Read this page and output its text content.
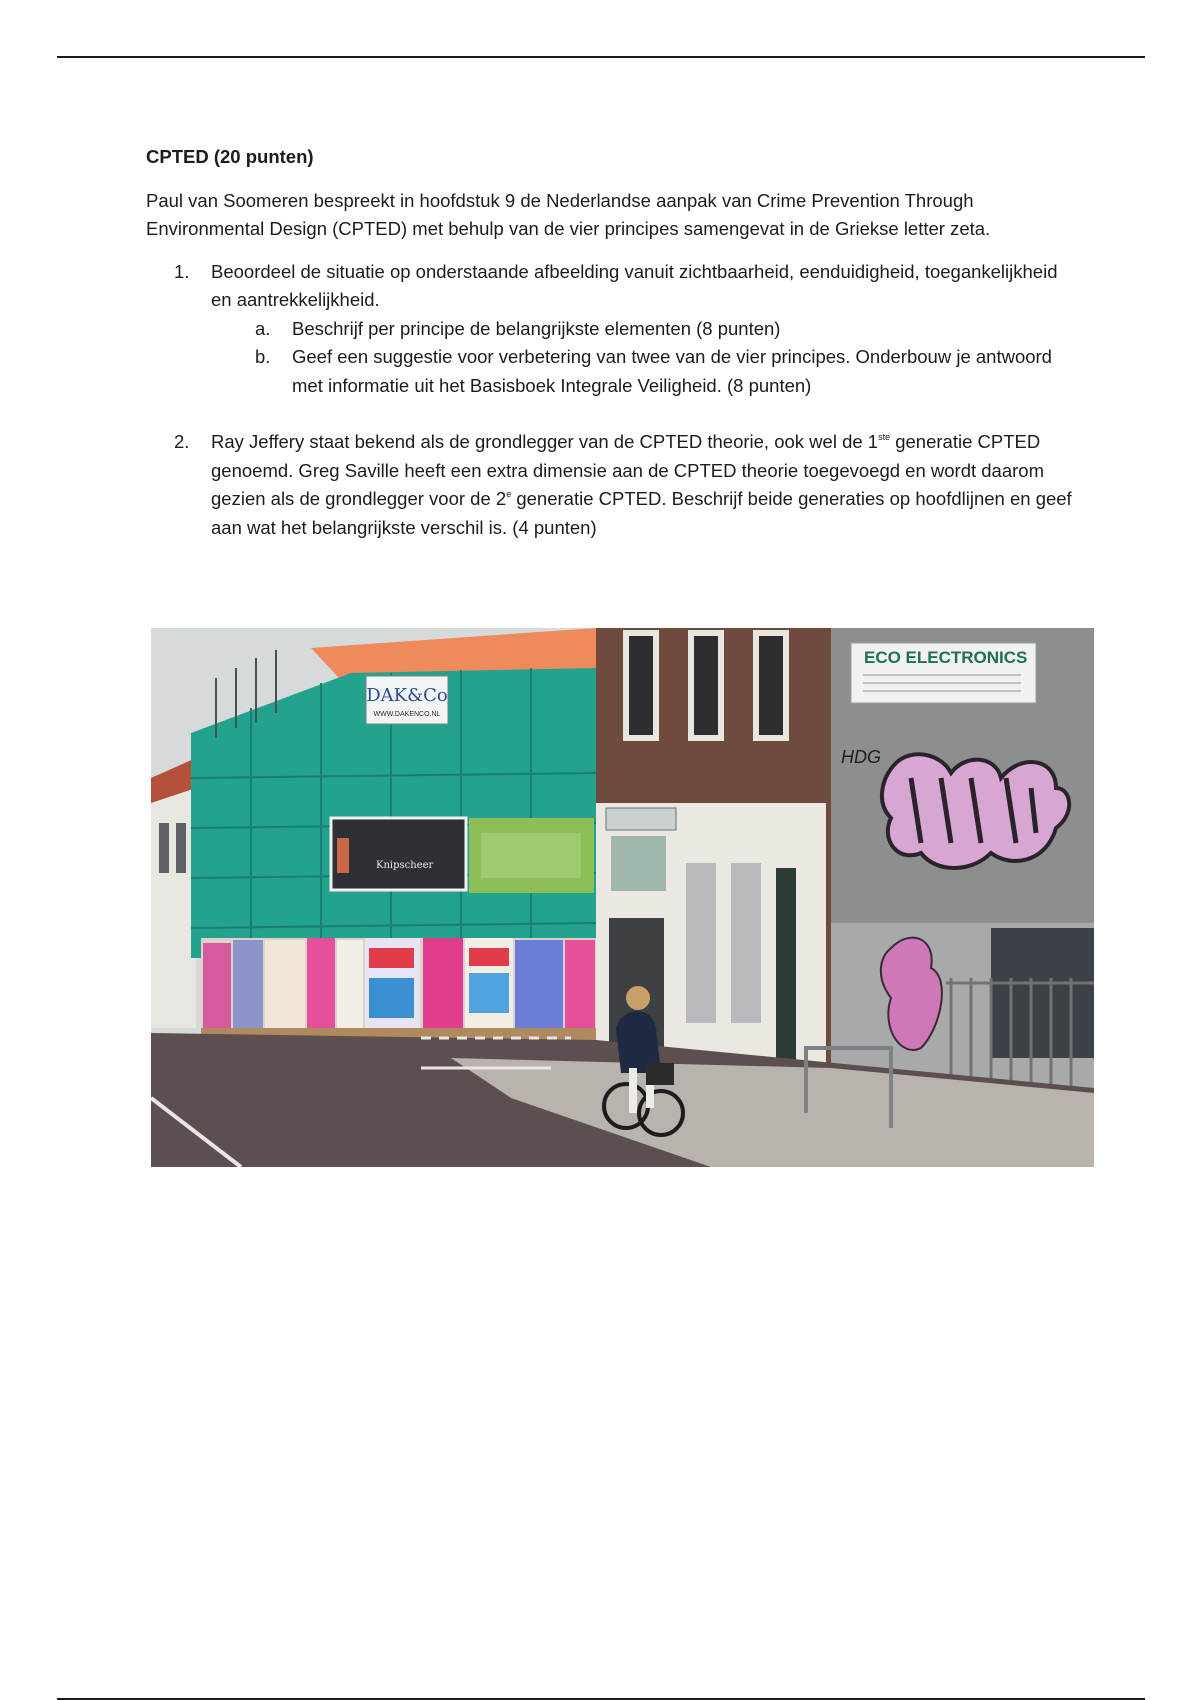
CPTED (20 punten)

Paul van Soomeren bespreekt in hoofdstuk 9 de Nederlandse aanpak van Crime Prevention Through Environmental Design (CPTED) met behulp van de vier principes samengevat in de Griekse letter zeta.

1. Beoordeel de situatie op onderstaande afbeelding vanuit zichtbaarheid, eenduidigheid, toegankelijkheid en aantrekkelijkheid.
a. Beschrijf per principe de belangrijkste elementen (8 punten)
b. Geef een suggestie voor verbetering van twee van de vier principes. Onderbouw je antwoord met informatie uit het Basisboek Integrale Veiligheid. (8 punten)
2. Ray Jeffery staat bekend als de grondlegger van de CPTED theorie, ook wel de 1ste generatie CPTED genoemd. Greg Saville heeft een extra dimensie aan de CPTED theorie toegevoegd en wordt daarom gezien als de grondlegger voor de 2e generatie CPTED. Beschrijf beide generaties op hoofdlijnen en geef aan wat het belangrijkste verschil is. (4 punten)
DAK&Co
WWW.DAKENCO.NL
Knipscheer
ECO ELECTRONICS
HDG
